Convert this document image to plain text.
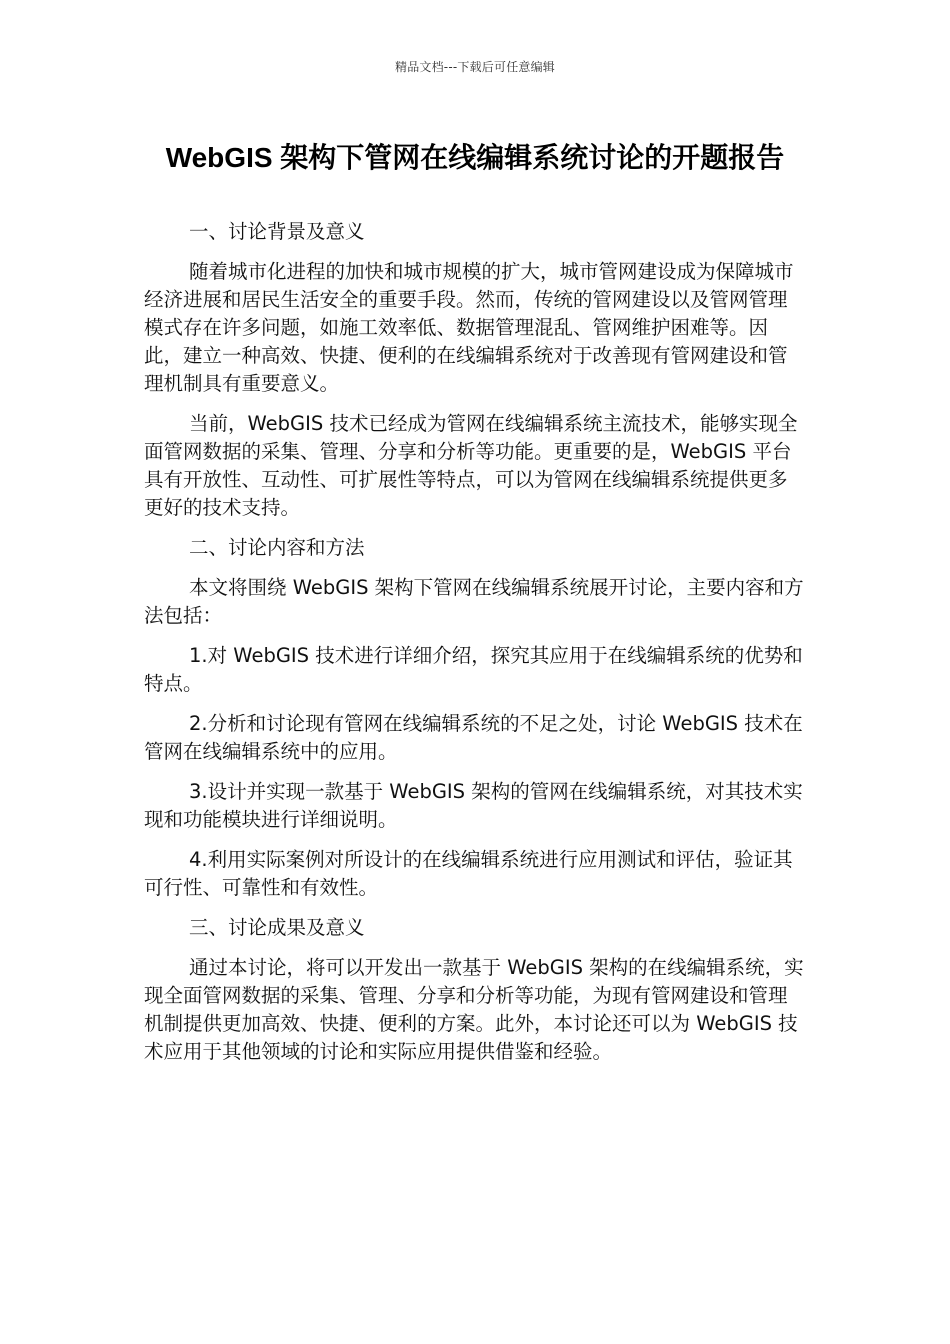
精品文档---下载后可任意编辑
WebGIS 架构下管网在线编辑系统讨论的开题报告

一、讨论背景及意义

随着城市化进程的加快和城市规模的扩大，城市管网建设成为保障城市经济进展和居民生活安全的重要手段。然而，传统的管网建设以及管网管理模式存在许多问题，如施工效率低、数据管理混乱、管网维护困难等。因此，建立一种高效、快捷、便利的在线编辑系统对于改善现有管网建设和管理机制具有重要意义。

当前，WebGIS 技术已经成为管网在线编辑系统主流技术，能够实现全面管网数据的采集、管理、分享和分析等功能。更重要的是，WebGIS 平台具有开放性、互动性、可扩展性等特点，可以为管网在线编辑系统提供更多更好的技术支持。

二、讨论内容和方法

本文将围绕 WebGIS 架构下管网在线编辑系统展开讨论，主要内容和方法包括：

1.对 WebGIS 技术进行详细介绍，探究其应用于在线编辑系统的优势和特点。

2.分析和讨论现有管网在线编辑系统的不足之处，讨论 WebGIS 技术在管网在线编辑系统中的应用。

3.设计并实现一款基于 WebGIS 架构的管网在线编辑系统，对其技术实现和功能模块进行详细说明。

4.利用实际案例对所设计的在线编辑系统进行应用测试和评估，验证其可行性、可靠性和有效性。

三、讨论成果及意义

通过本讨论，将可以开发出一款基于 WebGIS 架构的在线编辑系统，实现全面管网数据的采集、管理、分享和分析等功能，为现有管网建设和管理机制提供更加高效、快捷、便利的方案。此外，本讨论还可以为 WebGIS 技术应用于其他领域的讨论和实际应用提供借鉴和经验。
